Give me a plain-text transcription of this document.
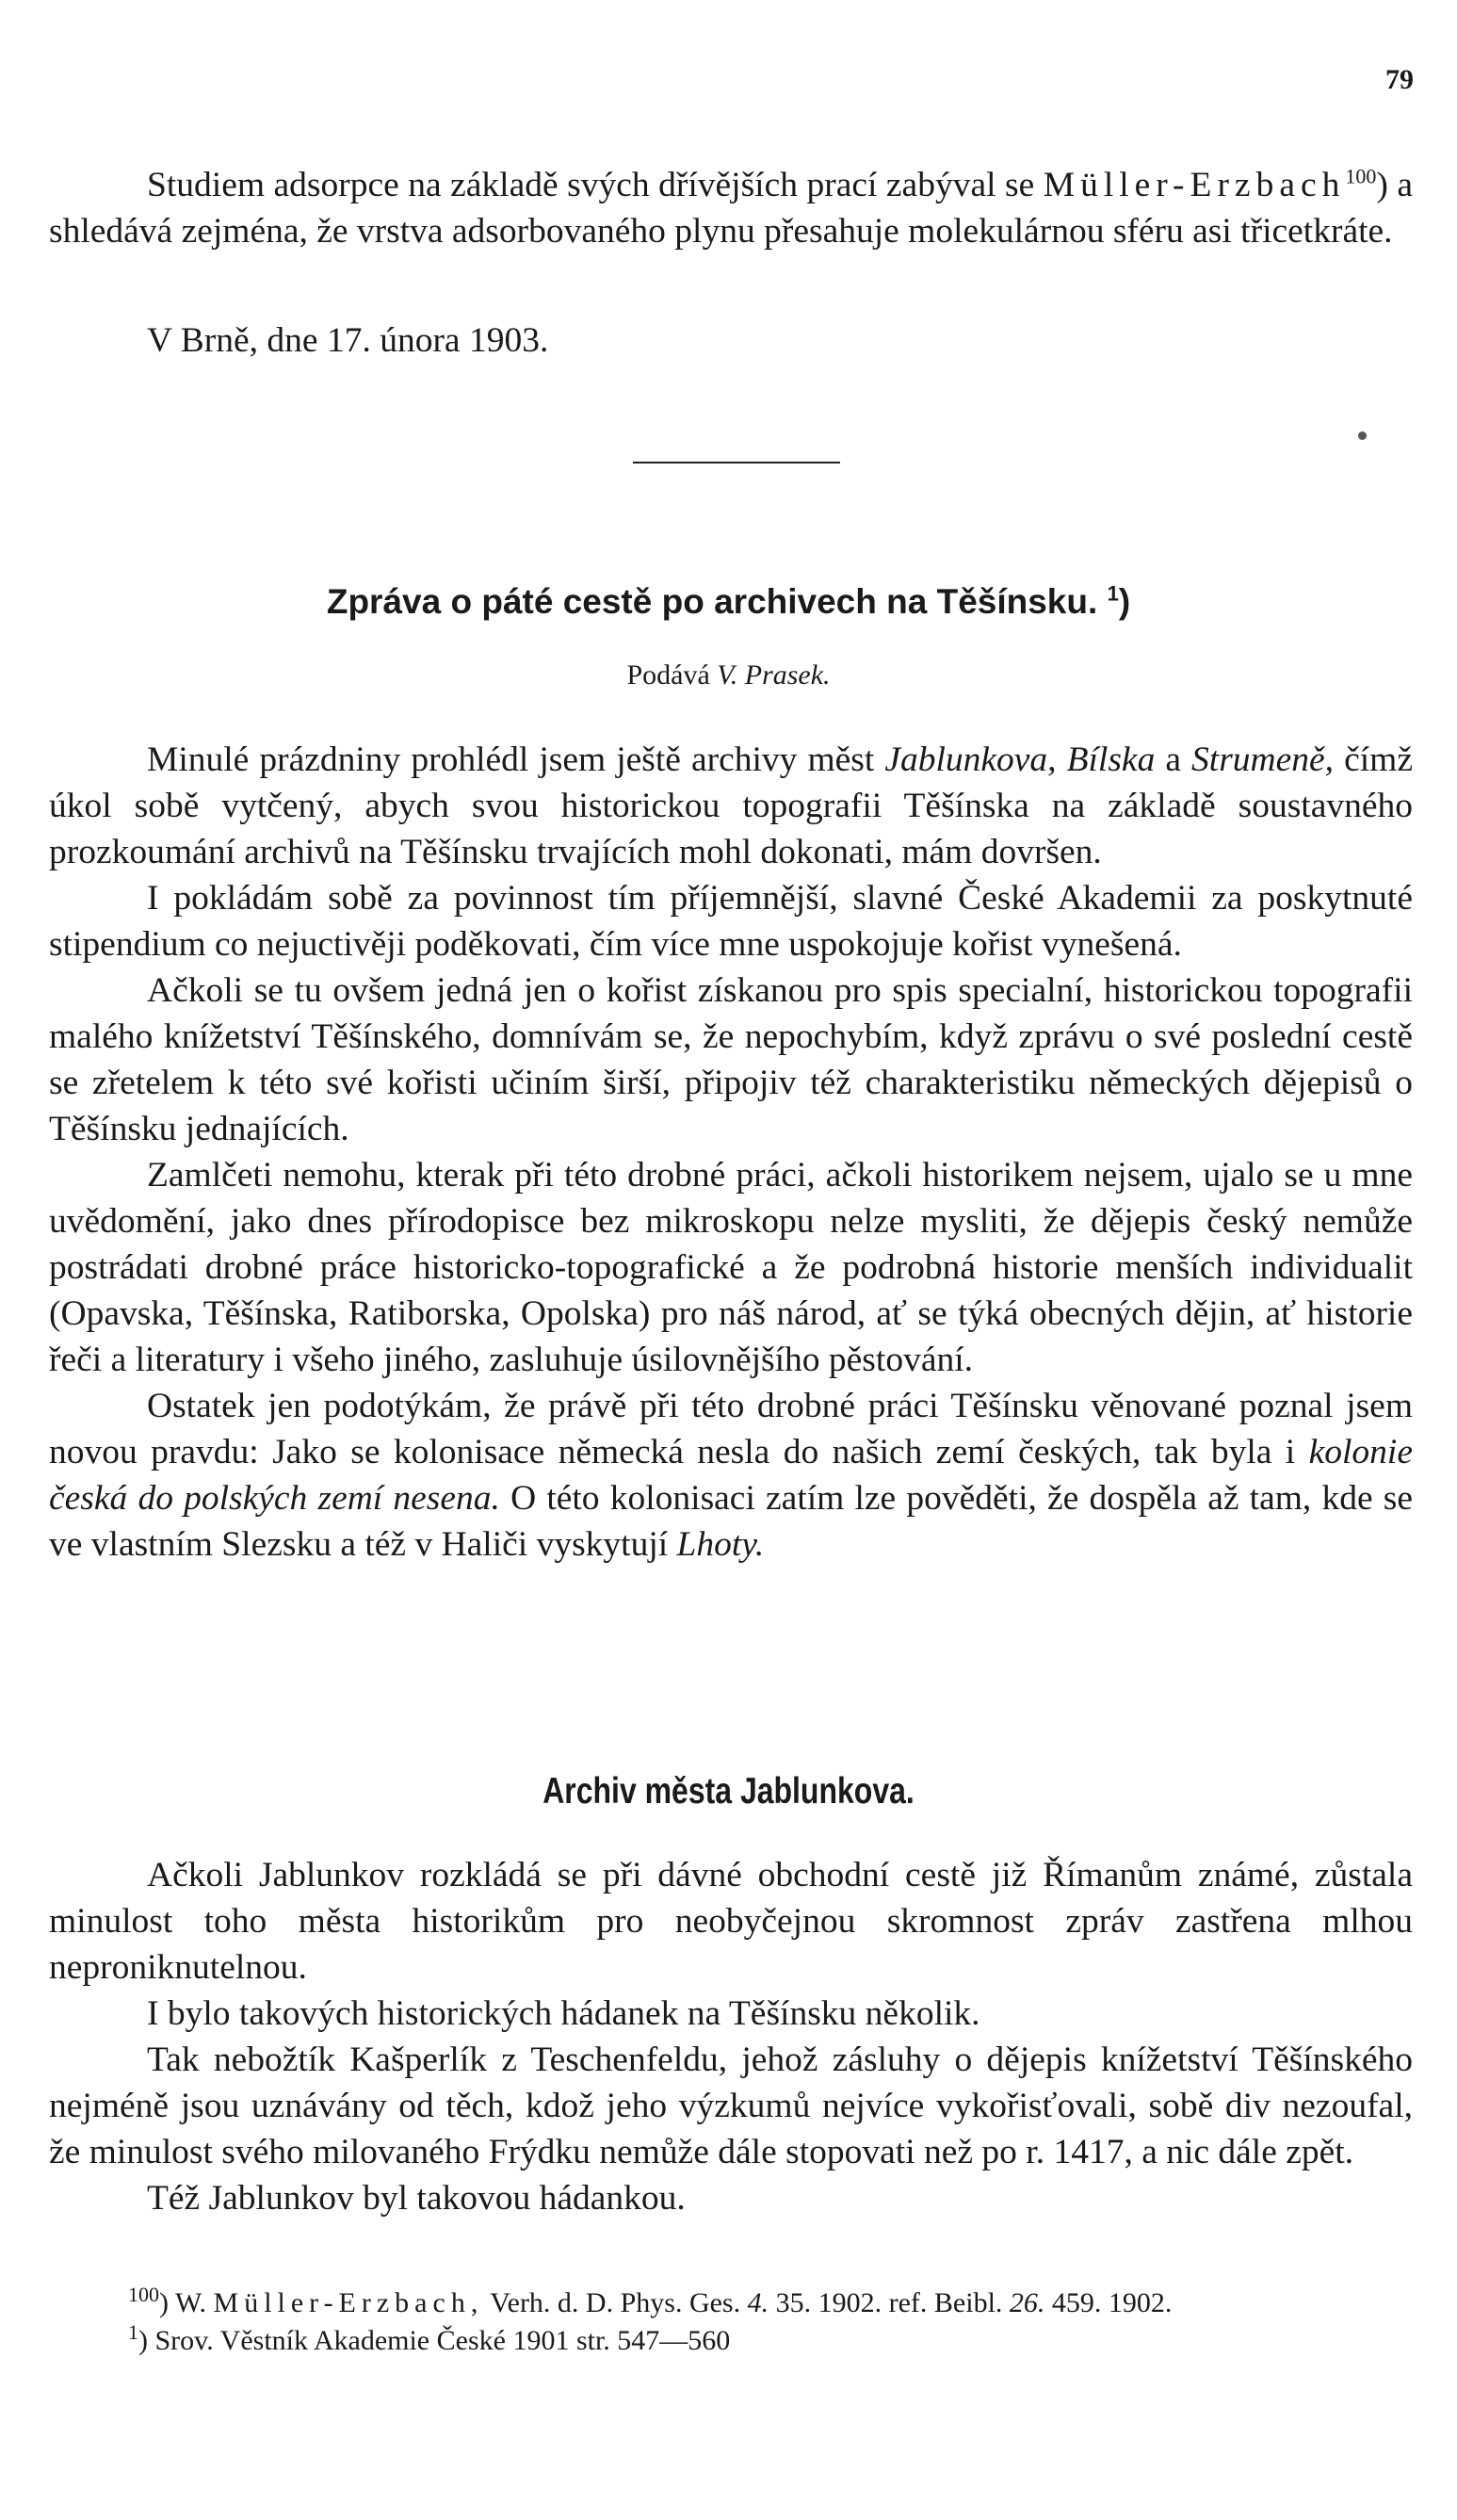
79

Studiem adsorpce na základě svých dřívějších prací zabýval se Müller-Erzbach$^{100}$) a shledává zejména, že vrstva adsorbovaného plynu přesahuje molekulárnou sféru asi třicetkráte.

V Brně, dne 17. února 1903.
Zpráva o páté cestě po archivech na Těšínsku. $^1$)
Podává V. Prasek.

Minulé prázdniny prohlédl jsem ještě archivy měst Jablunkova, Bílska a Strumeně, čímž úkol sobě vytčený, abych svou historickou topografii Těšínska na základě soustavného prozkoumání archivů na Těšínsku trvajících mohl dokonati, mám dovršen.

I pokládám sobě za povinnost tím příjemnější, slavné České Akademii za poskytnuté stipendium co nejuctivěji poděkovati, čím více mne uspokojuje kořist vynešená.

Ačkoli se tu ovšem jedná jen o kořist získanou pro spis specialní, historickou topografii malého knížetství Těšínského, domnívám se, že nepochybím, když zprávu o své poslední cestě se zřetelem k této své kořisti učiním širší, připojiv též charakteristiku německých dějepisů o Těšínsku jednajících.

Zamlčeti nemohu, kterak při této drobné práci, ačkoli historikem nejsem, ujalo se u mne uvědomění, jako dnes přírodopisce bez mikroskopu nelze mysliti, že dějepis český nemůže postrádati drobné práce historicko-topografické a že podrobná historie menších individualit (Opavska, Těšínska, Ratiborska, Opolska) pro náš národ, ať se týká obecných dějin, ať historie řeči a literatury i všeho jiného, zasluhuje úsilovnějšího pěstování.

Ostatek jen podotýkám, že právě při této drobné práci Těšínsku věnované poznal jsem novou pravdu: Jako se kolonisace německá nesla do našich zemí českých, tak byla i kolonie česká do polských zemí nesena. O této kolonisaci zatím lze pověděti, že dospěla až tam, kde se ve vlastním Slezsku a též v Haliči vyskytují Lhoty.

Archiv města Jablunkova.

Ačkoli Jablunkov rozkládá se při dávné obchodní cestě již Římanům známé, zůstala minulost toho města historikům pro neobyčejnou skromnost zpráv zastřena mlhou neproniknutelnou.

I bylo takových historických hádanek na Těšínsku několik.

Tak nebožtík Kašperlík z Teschenfeldu, jehož zásluhy o dějepis knížetství Těšínského nejméně jsou uznávány od těch, kdož jeho výzkumů nejvíce vykořisťovali, sobě div nezoufal, že minulost svého milovaného Frýdku nemůže dále stopovati než po r. 1417, a nic dále zpět.

Též Jablunkov byl takovou hádankou.

$^{100}$) W. Müller-Erzbach, Verh. d. D. Phys. Ges. 4. 35. 1902. ref. Beibl. 26. 459. 1902.

$^1$) Srov. Věstník Akademie České 1901 str. 547—560
